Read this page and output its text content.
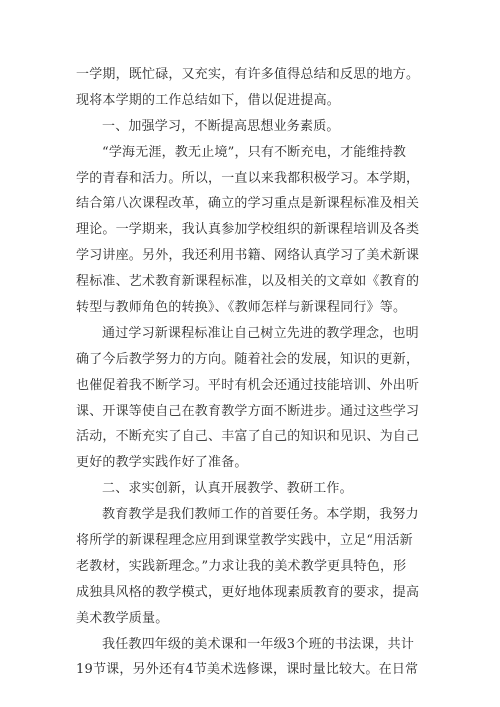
一学期，既忙碌，又充实，有许多值得总结和反思的地方。
现将本学期的工作总结如下，借以促进提高。
一、加强学习，不断提高思想业务素质。
“学海无涯，教无止境”，只有不断充电，才能维持教
学的青春和活力。所以，一直以来我都积极学习。本学期，
结合第八次课程改革，确立的学习重点是新课程标准及相关
理论。一学期来，我认真参加学校组织的新课程培训及各类
学习讲座。另外，我还利用书籍、网络认真学习了美术新课
程标准、艺术教育新课程标准，以及相关的文章如《教育的
转型与教师角色的转换》、《教师怎样与新课程同行》等。
通过学习新课程标准让自己树立先进的教学理念，也明
确了今后教学努力的方向。随着社会的发展，知识的更新，
也催促着我不断学习。平时有机会还通过技能培训、外出听
课、开课等使自己在教育教学方面不断进步。通过这些学习
活动，不断充实了自己、丰富了自己的知识和见识、为自己
更好的教学实践作好了准备。
二、求实创新，认真开展教学、教研工作。
教育教学是我们教师工作的首要任务。本学期，我努力
将所学的新课程理念应用到课堂教学实践中，立足“用活新
老教材，实践新理念。”力求让我的美术教学更具特色，形
成独具风格的教学模式，更好地体现素质教育的要求，提高
美术教学质量。
我任教四年级的美术课和一年级3个班的书法课，共计
19节课，另外还有4节美术选修课，课时量比较大。在日常
